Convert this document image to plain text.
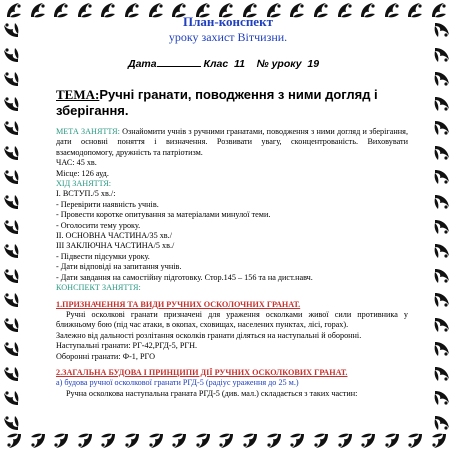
План-конспект
уроку захист Вітчизни.
Дата	Клас 11 № уроку 19
ТЕМА:Ручні гранати, поводження з ними догляд і зберігання.

МЕТА ЗАНЯТТЯ: Ознайомити учнів з ручними гранатами, поводження з ними догляд и зберігання, дати основні поняття і визначення. Розвивати увагу, сконцентрованість. Виховувати взаємодопомогу, дружність та патріотизм.

ЧАС: 45 хв.

Місце: 126 ауд.

ХІД ЗАНЯТТЯ:

І. ВСТУП./5 хв./:

- Перевірити наявність учнів.

- Провести коротке опитування за матеріалами минулої теми.

- Оголосити тему уроку.

ІІ. ОСНОВНА ЧАСТИНА/35 хв./

ІІІ ЗАКЛЮЧНА ЧАСТИНА/5 хв./

- Підвести підсумки уроку.

- Дати відповіді на запитання учнів.

- Дати завдання на самостійну підготовку. Стор.145 – 156 та на дист.навч.

КОНСПЕКТ ЗАНЯТТЯ:

1.ПРИЗНАЧЕННЯ ТА ВИДИ РУЧНИХ ОСКОЛОЧНИХ ГРАНАТ.

Ручні осколкові гранати призначені для ураження осколками живої сили противника у ближньому бою (під час атаки, в окопах, сховищах, населених пунктах, лісі, горах).

Залежно від дальності розлітання осколків гранати діляться на наступальні й оборонні.

Наступальні гранати: РГ-42,РГД-5, РГН.

Оборонні гранати: Ф-1, РГО

2.ЗАГАЛЬНА БУДОВА І ПРИНЦИПИ ДІЇ РУЧНИХ ОСКОЛКОВИХ ГРАНАТ.

а) будова ручної осколкової гранати РГД-5 (радіус ураження до 25 м.)

Ручна осколкова наступальна граната РГД-5 (див. мал.) складається з таких частин:
